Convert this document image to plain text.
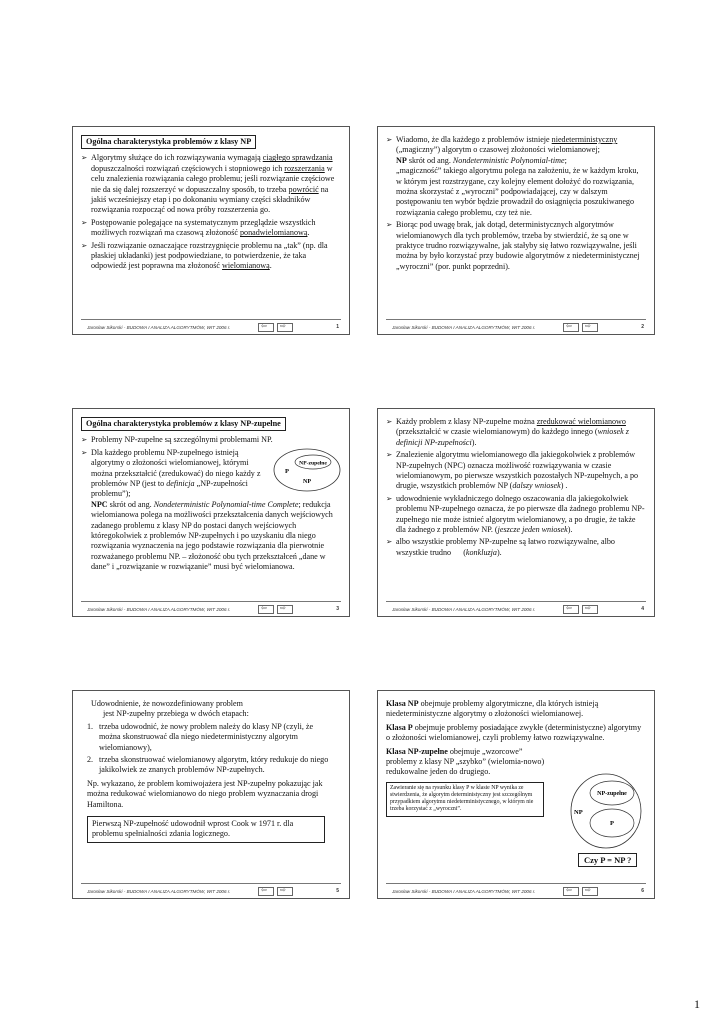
Ogólna charakterystyka problemów z klasy NP
➢ Algorytmy służące do ich rozwiązywania wymagają ciągłego sprawdzania dopuszczalności rozwiązań częściowych i stopniowego ich rozszerzania w celu znalezienia rozwiązania całego problemu; jeśli rozwiązanie częściowe nie da się dalej rozszerzyć w dopuszczalny sposób, to trzeba powrócić na jakiś wcześniejszy etap i po dokonaniu wymiany części składników rozwiązania rozpocząć od nowa próby rozszerzenia go.
➢ Postępowanie polegające na systematycznym przeglądzie wszystkich możliwych rozwiązań ma czasową złożoność ponadwielomianową.
➢ Jeśli rozwiązanie oznaczające rozstrzygnięcie problemu na „tak” (np. dla płaskiej układanki) jest podpowiedziane, to potwierdzenie, że taka odpowiedź jest poprawna ma złożoność wielomianową.
Jarosław Sikorski - BUDOWA I ANALIZA ALGORYTMÓW, WIT 2006 r.	⇦ ⇨	1
➢ Wiadomo, że dla każdego z problemów istnieje niedeterministyczny („magiczny”) algorytm o czasowej złożoności wielomianowej;
NP skrót od ang. Nondeterministic Polynomial-time;
„magiczność” takiego algorytmu polega na założeniu, że w każdym kroku, w którym jest rozstrzygane, czy kolejny element dołożyć do rozwiązania, można skorzystać z „wyroczni” podpowiadającej, czy w dalszym postępowaniu ten wybór będzie prowadził do osiągnięcia poszukiwanego rozwiązania całego problemu, czy też nie.
➢ Biorąc pod uwagę brak, jak dotąd, deterministycznych algorytmów wielomianowych dla tych problemów, trzeba by stwierdzić, że są one w praktyce trudno rozwiązywalne, jak stałyby się łatwo rozwiązywalne, jeśli można by było korzystać przy budowie algorytmów z niedeterministycznej „wyroczni” (por. punkt poprzedni).
Jarosław Sikorski - BUDOWA I ANALIZA ALGORYTMÓW, WIT 2006 r.	⇦ ⇨	2
Ogólna charakterystyka problemów z klasy NP-zupełne
➢ Problemy NP-zupełne są szczególnymi problemami NP.
➢ Dla każdego problemu NP-zupełnego istnieją algorytmy o złożoności wielomianowej, którymi można przekształcić (zredukować) do niego każdy z problemów NP (jest to definicja „NP-zupełności problemu”);
NPC skrót od ang. Nondeterministic Polynomial-time Complete; redukcja wielomianowa polega na możliwości przekształcenia danych wejściowych zadanego problemu z klasy NP do postaci danych wejściowych któregokolwiek z problemów NP-zupełnych i po uzyskaniu dla niego rozwiązania wyznaczenia na jego podstawie rozwiązania dla pierwotnie rozważanego problemu NP. – złożoność obu tych przekształceń „dane w dane” i „rozwiązanie w rozwiązanie” musi być wielomianowa.
NP-zupełne
P
NP
Jarosław Sikorski - BUDOWA I ANALIZA ALGORYTMÓW, WIT 2006 r.	⇦ ⇨	3
➢ Każdy problem z klasy NP-zupełne można zredukować wielomianowo (przekształcić w czasie wielomianowym) do każdego innego (wniosek z definicji NP-zupełności).
➢ Znalezienie algorytmu wielomianowego dla jakiegokolwiek z problemów NP-zupełnych (NPC) oznacza możliwość rozwiązywania w czasie wielomianowym, po pierwsze wszystkich pozostałych NP-zupełnych, a po drugie, wszystkich problemów NP (dalszy wniosek) .
➢ udowodnienie wykładniczego dolnego oszacowania dla jakiegokolwiek problemu NP-zupełnego oznacza, że po pierwsze dla żadnego problemu NP-zupełnego nie może istnieć algorytm wielomianowy, a po drugie, że także dla żadnego z problemów NP. (jeszcze jeden wniosek).
➢ albo wszystkie problemy NP-zupełne są łatwo rozwiązywalne, albo wszystkie trudno      (konkluzja).
Jarosław Sikorski - BUDOWA I ANALIZA ALGORYTMÓW, WIT 2006 r.	⇦ ⇨	4
Udowodnienie, że nowozdefiniowany problem
jest NP-zupełny przebiega w dwóch etapach:
1. trzeba udowodnić, że nowy problem należy do klasy NP (czyli, że można skonstruować dla niego niedeterministyczny algorytm wielomianowy),
2. trzeba skonstruować wielomianowy algorytm, który redukuje do niego jakikolwiek ze znanych problemów NP-zupełnych.
Np. wykazano, że problem komiwojażera jest NP-zupełny pokazując jak można redukować wielomianowo do niego problem wyznaczania drogi Hamiltona.
Pierwszą NP-zupełność udowodnił wprost Cook w 1971 r. dla problemu spełnialności zdania logicznego.
Jarosław Sikorski - BUDOWA I ANALIZA ALGORYTMÓW, WIT 2006 r.	⇦ ⇨	5
Klasa NP obejmuje problemy algorytmiczne, dla których istnieją niedeterministyczne algorytmy o złożoności wielomianowej.
Klasa P obejmuje problemy posiadające zwykłe (deterministyczne) algorytmy o złożoności wielomianowej, czyli problemy łatwo rozwiązywalne.
Klasa NP-zupełne obejmuje „wzorcowe” problemy z klasy NP „szybko” (wielomia-nowo) redukowalne jeden do drugiego.
Zawieranie się na rysunku klasy P w klasie NP wynika ze stwierdzenia, że algorytm deterministyczny jest szczególnym przypadkiem algorytmu niedeterministycznego, w którym nie trzeba korzystać z „wyroczni”.
NP-zupełne
NP
P
Czy P = NP ?
Jarosław Sikorski - BUDOWA I ANALIZA ALGORYTMÓW, WIT 2006 r.	⇦ ⇨	6
1
